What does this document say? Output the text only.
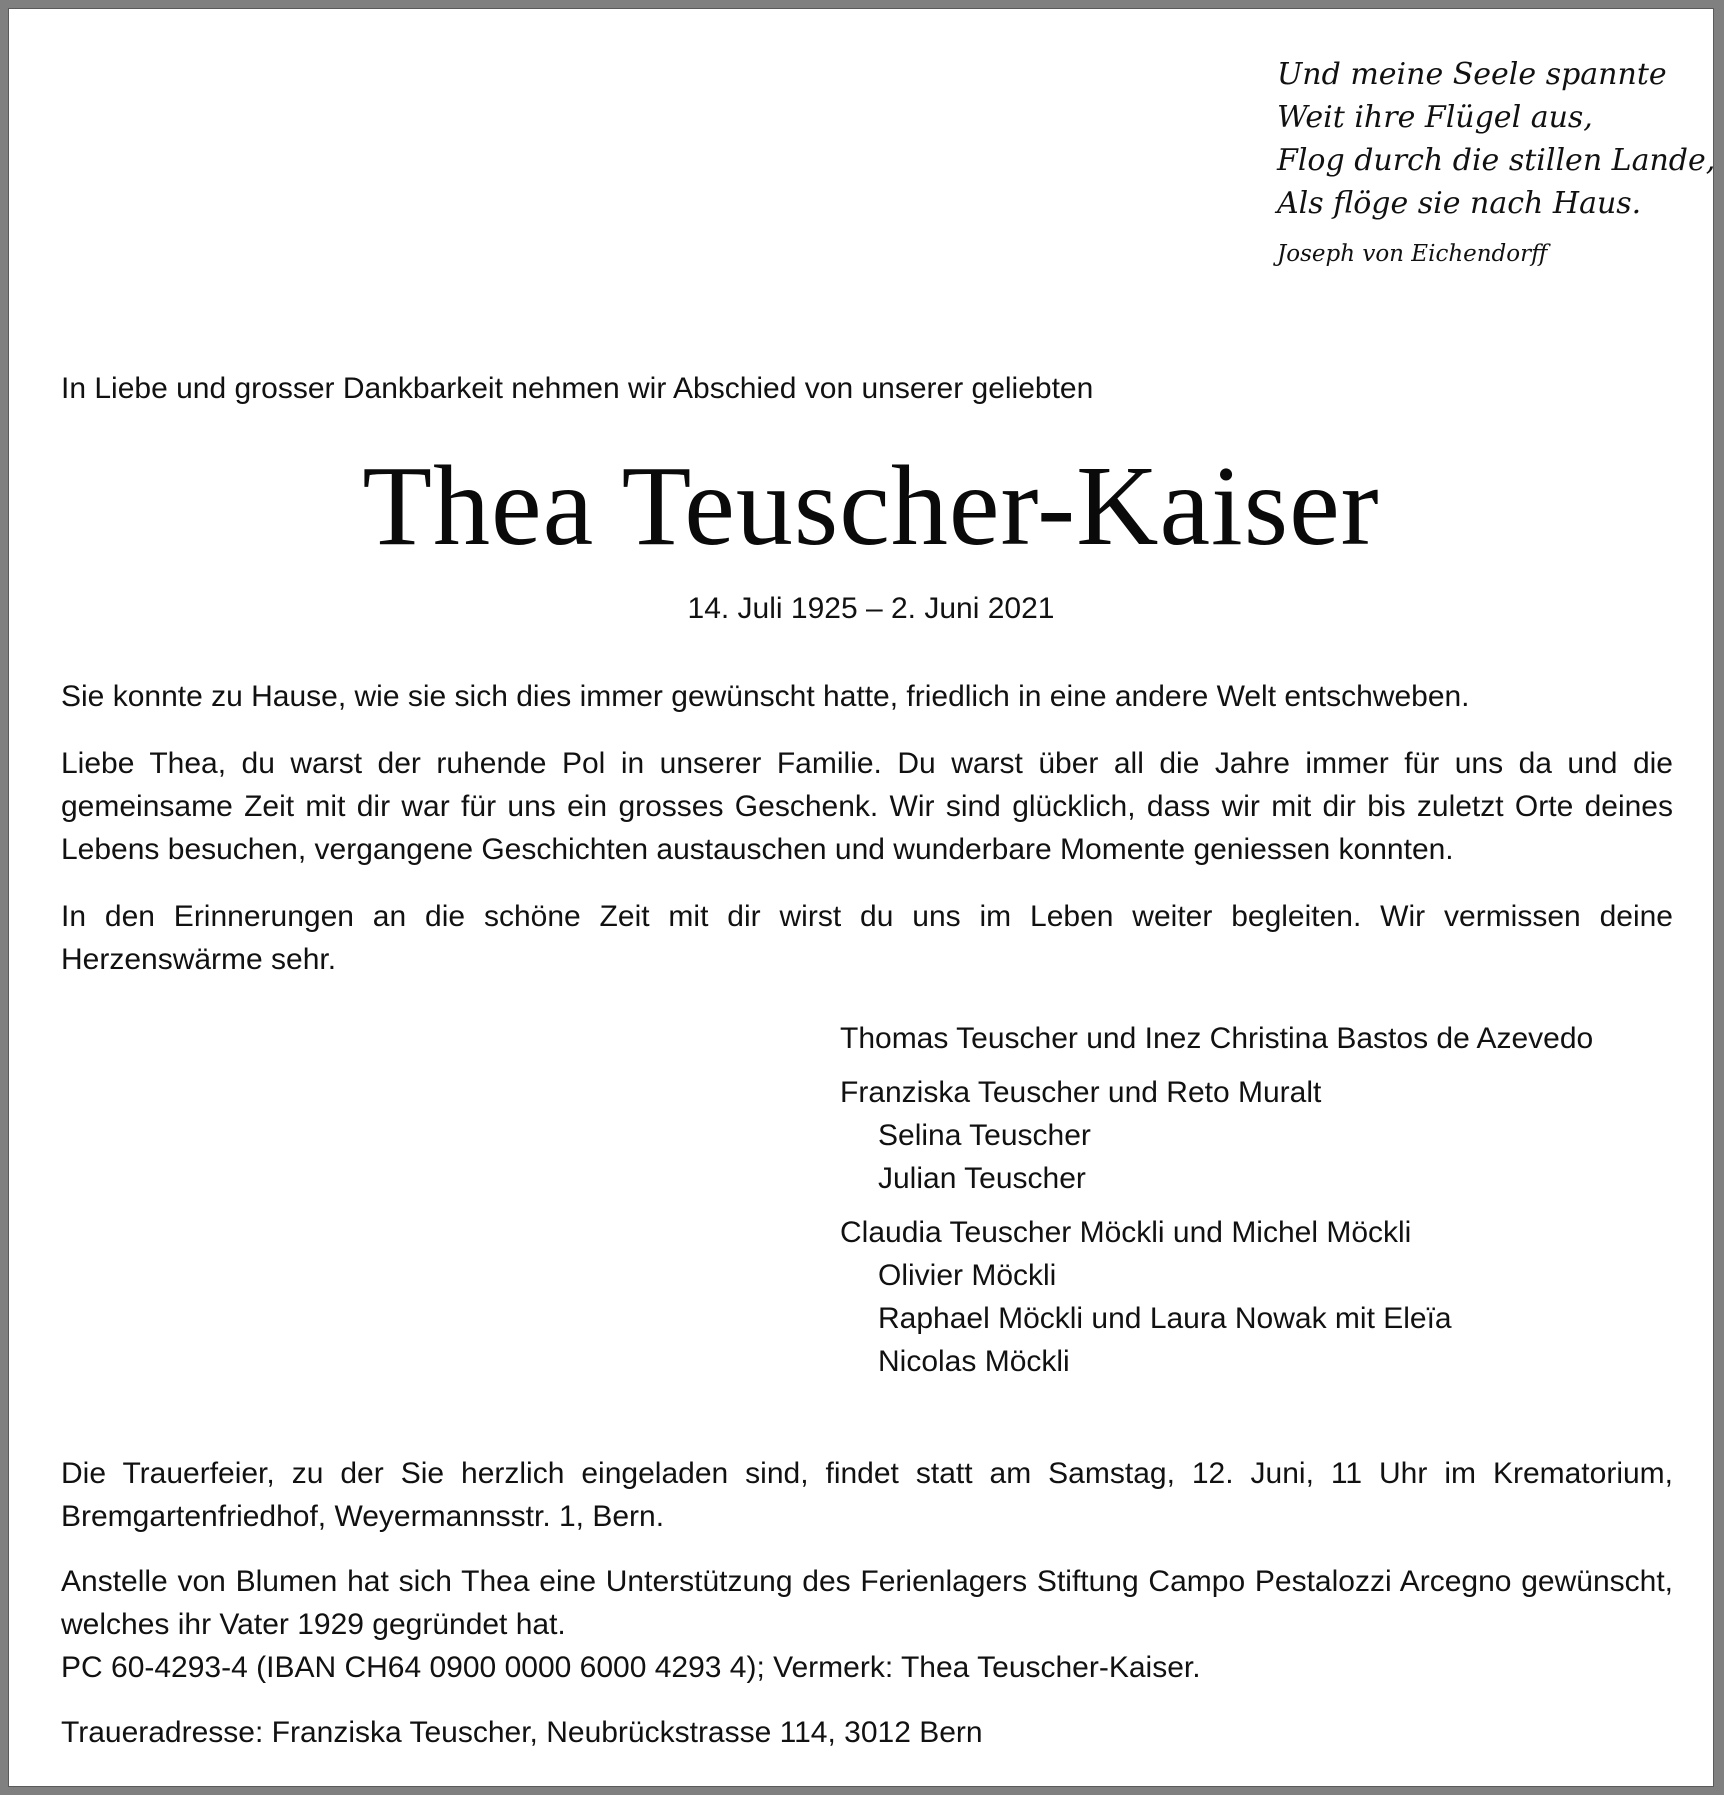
Und meine Seele spannte
Weit ihre Flügel aus,
Flog durch die stillen Lande,
Als flöge sie nach Haus.
Joseph von Eichendorff
In Liebe und grosser Dankbarkeit nehmen wir Abschied von unserer geliebten
Thea Teuscher-Kaiser
14. Juli 1925 – 2. Juni 2021

Sie konnte zu Hause, wie sie sich dies immer gewünscht hatte, friedlich in eine andere Welt entschweben.

Liebe Thea, du warst der ruhende Pol in unserer Familie. Du warst über all die Jahre immer für uns da und die gemeinsame Zeit mit dir war für uns ein grosses Geschenk. Wir sind glücklich, dass wir mit dir bis zuletzt Orte deines Lebens besuchen, vergangene Geschichten austauschen und wunderbare Momente geniessen konnten.

In den Erinnerungen an die schöne Zeit mit dir wirst du uns im Leben weiter begleiten. Wir vermissen deine Herzenswärme sehr.

Thomas Teuscher und Inez Christina Bastos de Azevedo
Franziska Teuscher und Reto Muralt
Selina Teuscher
Julian Teuscher
Claudia Teuscher Möckli und Michel Möckli
Olivier Möckli
Raphael Möckli und Laura Nowak mit Eleïa
Nicolas Möckli

Die Trauerfeier, zu der Sie herzlich eingeladen sind, findet statt am Samstag, 12. Juni, 11 Uhr im Krematorium, Bremgartenfriedhof, Weyermannsstr. 1, Bern.

Anstelle von Blumen hat sich Thea eine Unterstützung des Ferienlagers Stiftung Campo Pestalozzi Arcegno gewünscht, welches ihr Vater 1929 gegründet hat.
PC 60-4293-4 (IBAN CH64 0900 0000 6000 4293 4); Vermerk: Thea Teuscher-Kaiser.

Traueradresse: Franziska Teuscher, Neubrückstrasse 114, 3012 Bern
